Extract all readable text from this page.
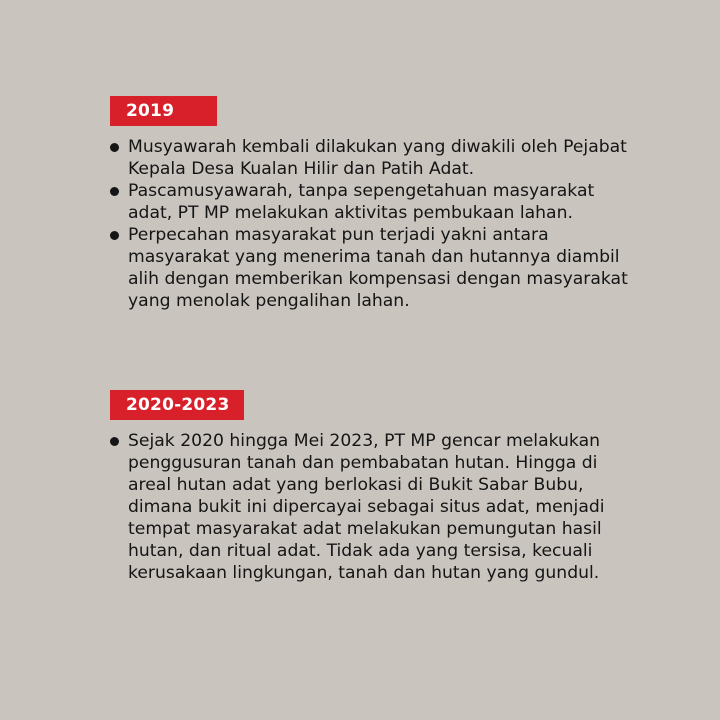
2019
Musyawarah kembali dilakukan yang diwakili oleh Pejabat Kepala Desa Kualan Hilir dan Patih Adat.
Pascamusyawarah, tanpa sepengetahuan masyarakat adat, PT MP melakukan aktivitas pembukaan lahan.
Perpecahan masyarakat pun terjadi yakni antara masyarakat yang menerima tanah dan hutannya diambil alih dengan memberikan kompensasi dengan masyarakat yang menolak pengalihan lahan.
2020-2023
Sejak 2020 hingga Mei 2023, PT MP gencar melakukan penggusuran tanah dan pembabatan hutan. Hingga di areal hutan adat yang berlokasi di Bukit Sabar Bubu, dimana bukit ini dipercayai sebagai situs adat, menjadi tempat masyarakat adat melakukan pemungutan hasil hutan, dan ritual adat. Tidak ada yang tersisa, kecuali kerusakaan lingkungan, tanah dan hutan yang gundul.
